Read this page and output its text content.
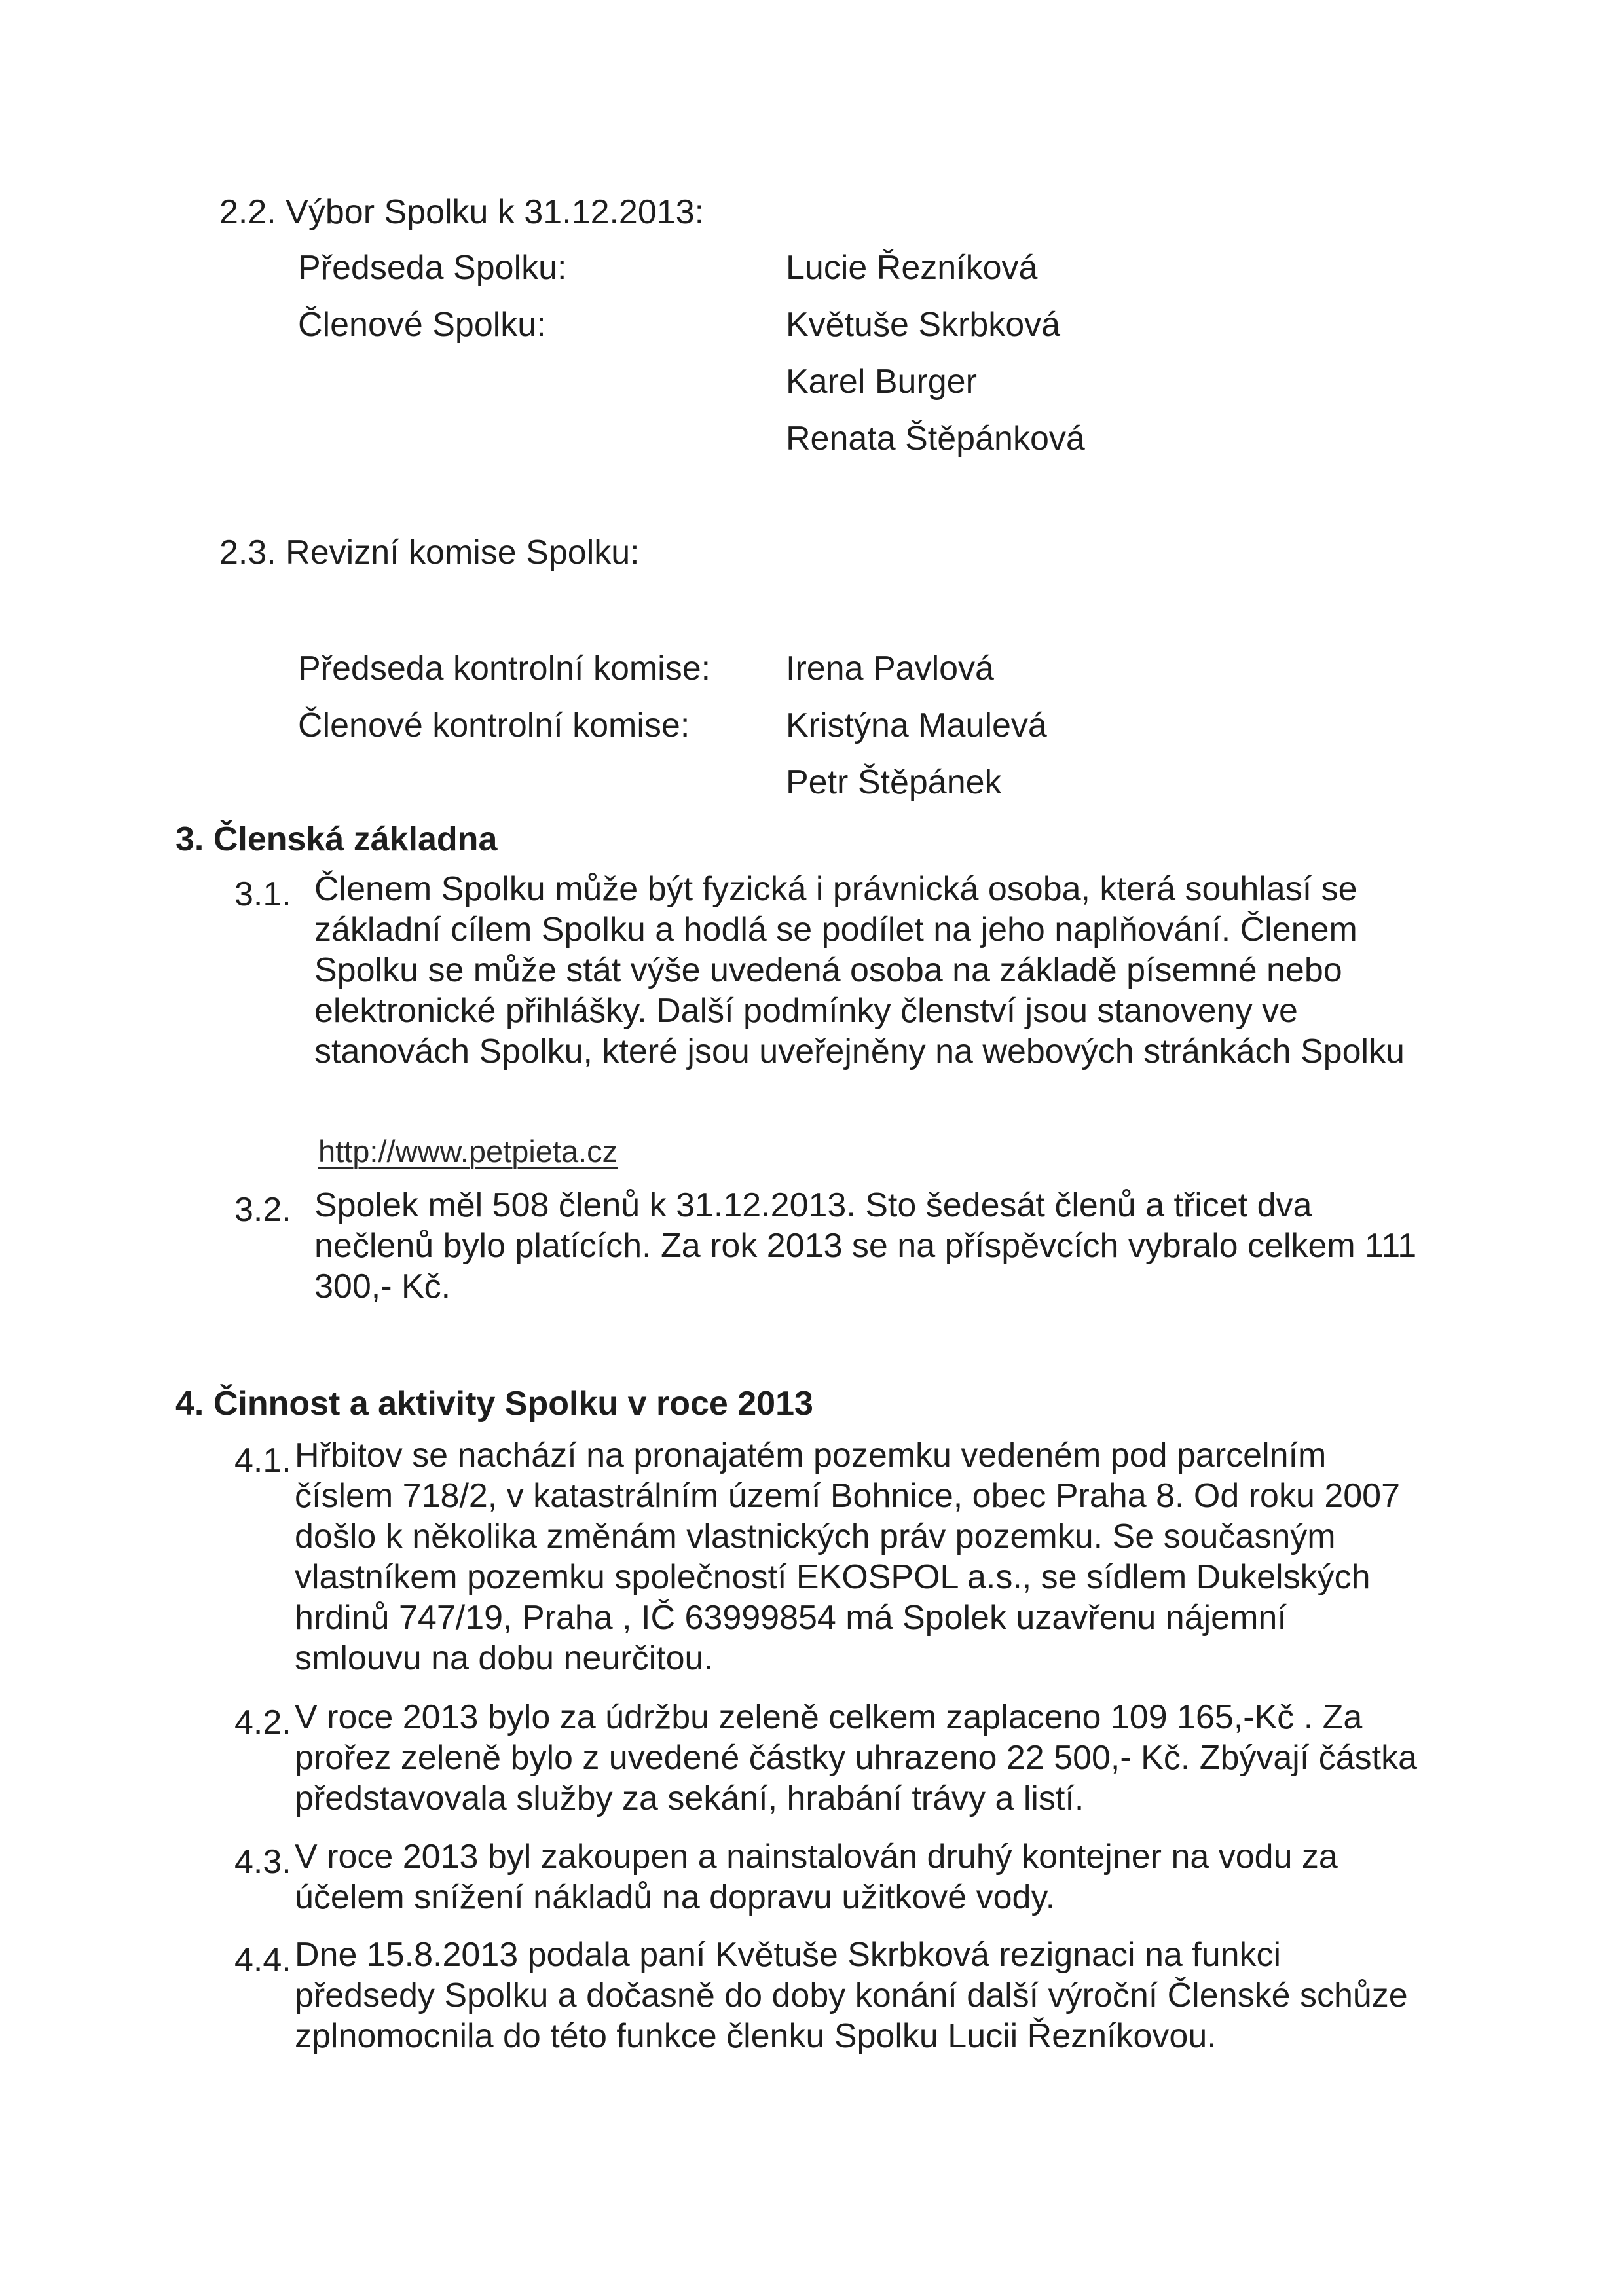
2.2. Výbor Spolku k 31.12.2013:
Předseda Spolku:	Lucie Řezníková
Členové Spolku:	Květuše Skrbková
Karel Burger
Renata Štěpánková
2.3. Revizní komise Spolku:
Předseda kontrolní komise: Irena Pavlová
Členové kontrolní komise:	Kristýna Maulevá
Petr Štěpánek
3. Členská základna
3.1. Členem Spolku může být fyzická i právnická osoba, která souhlasí se základní cílem Spolku a hodlá se podílet na jeho naplňování. Členem Spolku se může stát výše uvedená osoba na základě písemné nebo elektronické přihlášky. Další podmínky členství jsou stanoveny ve stanovách Spolku, které jsou uveřejněny na webových stránkách Spolku
http://www.petpieta.cz
3.2. Spolek měl 508 členů k 31.12.2013. Sto šedesát členů a třicet dva nečlenů bylo platících. Za rok 2013 se na příspěvcích vybralo celkem 111 300,- Kč.
4. Činnost a aktivity Spolku v roce 2013
4.1. Hřbitov se nachází na pronajatém pozemku vedeném pod parcelním číslem 718/2, v katastrálním území Bohnice, obec Praha 8. Od roku 2007 došlo k několika změnám vlastnických práv pozemku. Se současným vlastníkem pozemku společností EKOSPOL a.s., se sídlem Dukelských hrdinů 747/19, Praha , IČ 63999854 má Spolek uzavřenu nájemní smlouvu na dobu neurčitou.
4.2. V roce 2013 bylo za údržbu zeleně celkem zaplaceno 109 165,-Kč . Za prořez zeleně bylo z uvedené částky uhrazeno 22 500,- Kč. Zbývají částka představovala služby za sekání, hrabání trávy a listí.
4.3. V roce 2013 byl zakoupen a nainstalován druhý kontejner na vodu za účelem snížení nákladů na dopravu užitkové vody.
4.4. Dne 15.8.2013 podala paní Květuše Skrbková rezignaci na funkci předsedy Spolku a dočasně do doby konání další výroční Členské schůze zplnomocnila do této funkce členku Spolku Lucii Řezníkovou.
